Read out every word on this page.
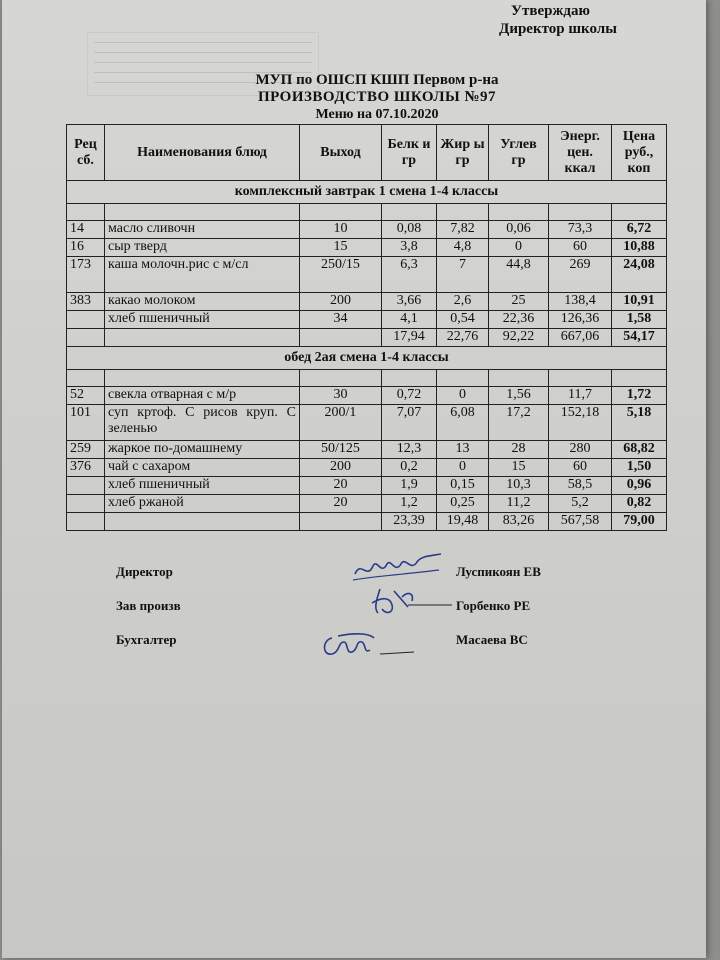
Утверждаю
Директор школы
МУП по ОШСП КШП Первом р-на
ПРОИЗВОДСТВО ШКОЛЫ №97
Меню на 07.10.2020
Рец сб.	Наименования блюд	Выход	Белк и гр	Жир ы гр	Углев гр	Энерг. цен. ккал	Цена руб., коп
комплексный завтрак 1 смена 1-4 классы							

14	масло сливочн	10	0,08	7,82	0,06	73,3	6,72
16	сыр тверд	15	3,8	4,8	0	60	10,88
173	каша молочн.рис с м/сл	250/15	6,3	7	44,8	269	24,08
383	какао молоком	200	3,66	2,6	25	138,4	10,91
	хлеб пшеничный	34	4,1	0,54	22,36	126,36	1,58
			17,94	22,76	92,22	667,06	54,17
обед 2ая смена 1-4 классы							

52	свекла отварная с м/р	30	0,72	0	1,56	11,7	1,72
101	суп кртоф. С рисов круп. С зеленью	200/1	7,07	6,08	17,2	152,18	5,18
259	жаркое по-домашнему	50/125	12,3	13	28	280	68,82
376	чай с сахаром	200	0,2	0	15	60	1,50
	хлеб пшеничный	20	1,9	0,15	10,3	58,5	0,96
	хлеб ржаной	20	1,2	0,25	11,2	5,2	0,82
			23,39	19,48	83,26	567,58	79,00
Директор
Зав произв
Бухгалтер
Луспикоян ЕВ
Горбенко РЕ
Масаева ВС
